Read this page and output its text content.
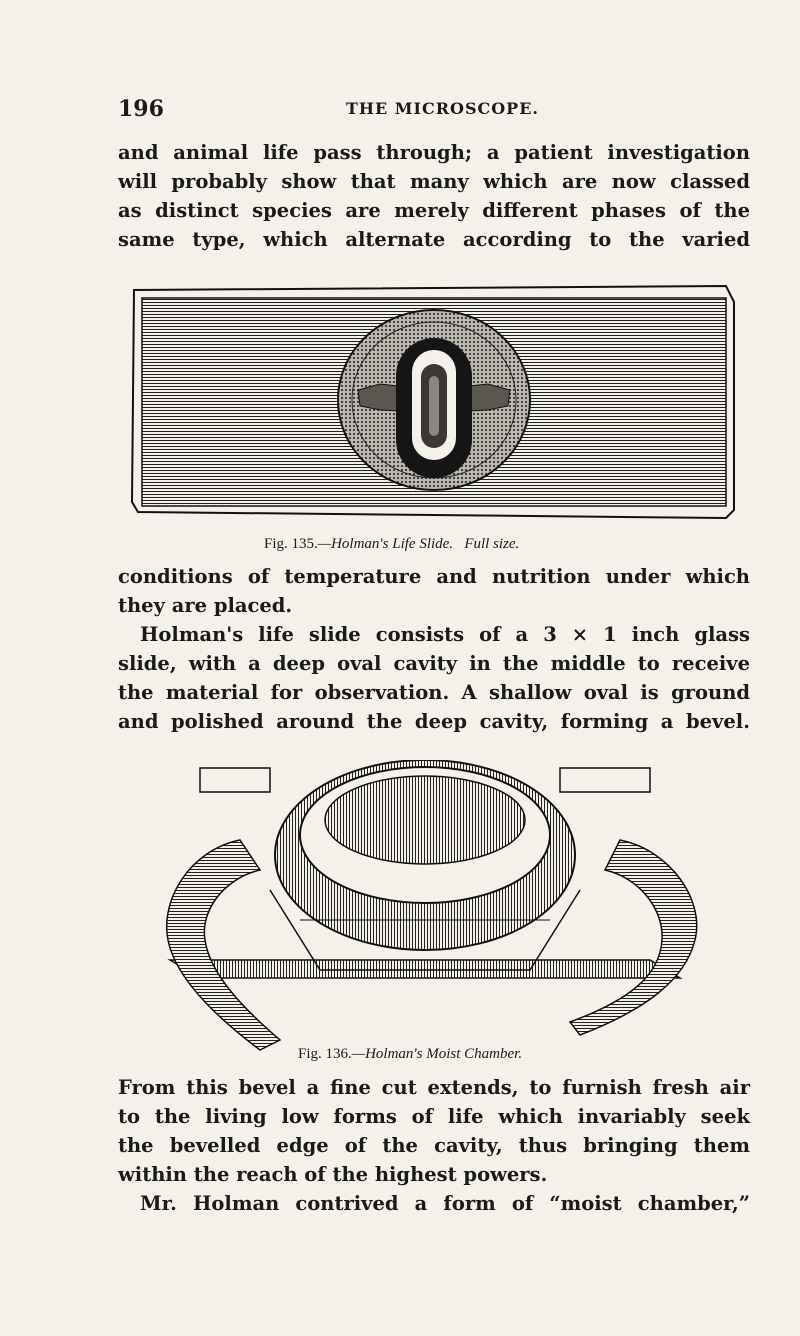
196	THE MICROSCOPE.
and animal life pass through; a patient investigation
will probably show that many which are now classed
as distinct species are merely different phases of the
same type, which alternate according to the varied
Fig. 135.—Holman's Life Slide. Full size.
conditions of temperature and nutrition under which
they are placed.
Holman's life slide consists of a 3 × 1 inch glass
slide, with a deep oval cavity in the middle to receive
the material for observation. A shallow oval is ground
and polished around the deep cavity, forming a bevel.
Fig. 136.—Holman's Moist Chamber.
From this bevel a fine cut extends, to furnish fresh air
to the living low forms of life which invariably seek
the bevelled edge of the cavity, thus bringing them
within the reach of the highest powers.
Mr. Holman contrived a form of “moist chamber,”
